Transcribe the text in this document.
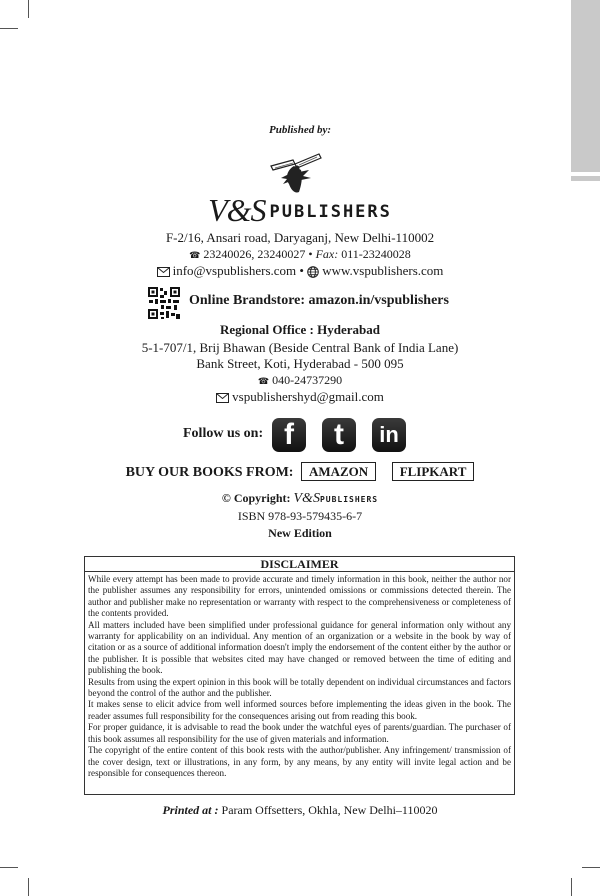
Published by:
V&S PUBLISHERS
F-2/16, Ansari road, Daryaganj, New Delhi-110002
☎ 23240026, 23240027 • Fax: 011-23240028
info@vspublishers.com • www.vspublishers.com
Online Brandstore: amazon.in/vspublishers
Regional Office : Hyderabad
5-1-707/1, Brij Bhawan (Beside Central Bank of India Lane)
Bank Street, Koti, Hyderabad - 500 095
☎ 040-24737290
vspublishershyd@gmail.com
Follow us on: f	t	in
BUY OUR BOOKS FROM: AMAZON FLIPKART
© Copyright: V&SPUBLISHERS
ISBN 978-93-579435-6-7
New Edition
DISCLAIMER

While every attempt has been made to provide accurate and timely information in this book, neither the author nor the publisher assumes any responsibility for errors, unintended omissions or commissions detected therein. The author and publisher make no representation or warranty with respect to the comprehensiveness or completeness of the contents provided.

All matters included have been simplified under professional guidance for general information only without any warranty for applicability on an individual. Any mention of an organization or a website in the book by way of citation or as a source of additional information doesn't imply the endorsement of the content either by the author or the publisher. It is possible that websites cited may have changed or removed between the time of editing and publishing the book.

Results from using the expert opinion in this book will be totally dependent on individual circumstances and factors beyond the control of the author and the publisher.

It makes sense to elicit advice from well informed sources before implementing the ideas given in the book. The reader assumes full responsibility for the consequences arising out from reading this book.

For proper guidance, it is advisable to read the book under the watchful eyes of parents/guardian. The purchaser of this book assumes all responsibility for the use of given materials and information.

The copyright of the entire content of this book rests with the author/publisher. Any infringement/ transmission of the cover design, text or illustrations, in any form, by any means, by any entity will invite legal action and be responsible for consequences thereon.

Printed at : Param Offsetters, Okhla, New Delhi–110020
